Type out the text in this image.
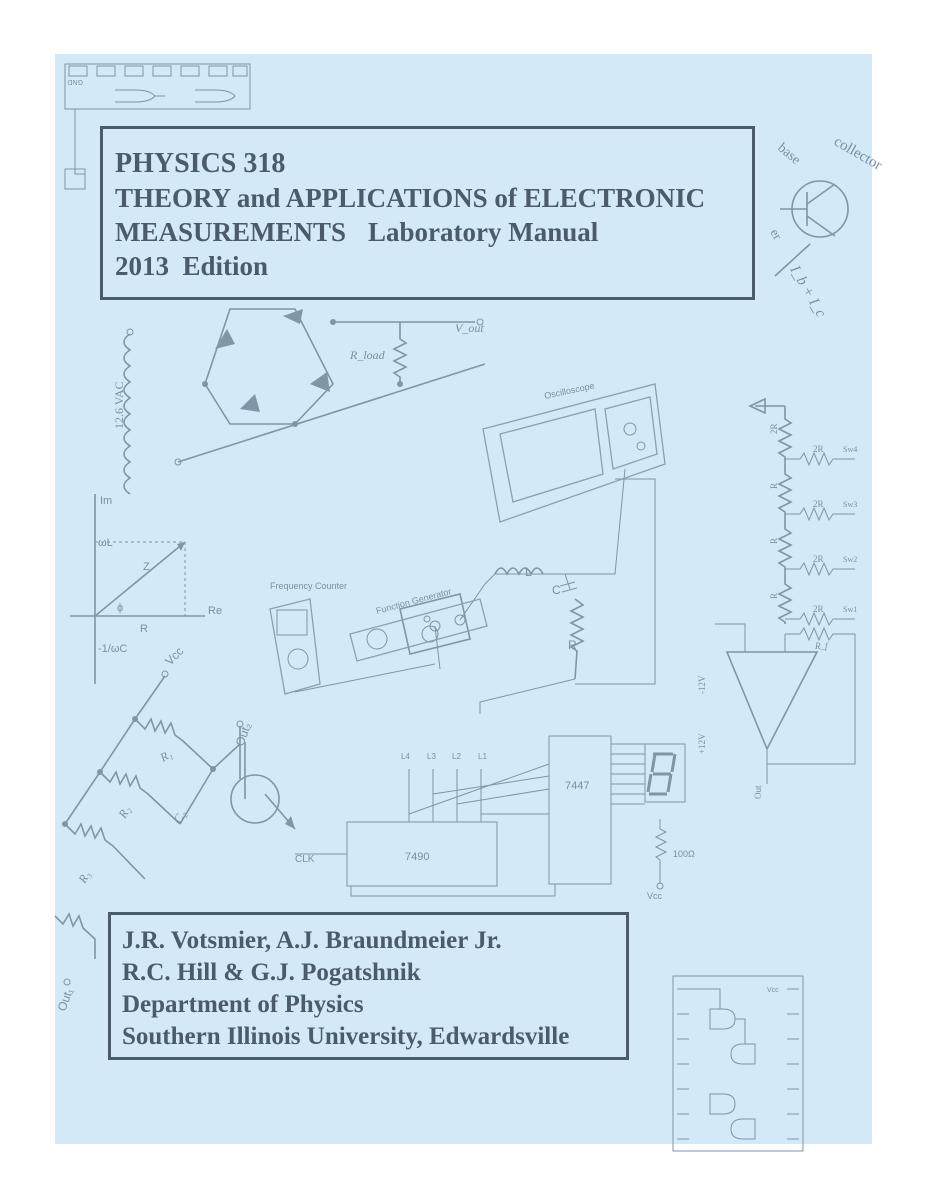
GND
12.6 VAC
R_load
V_out
collector
base
er
I_b + I_c
Oscilloscope
Frequency Counter
Function Generator
L
C
R
Im
Re
ωL
Z
ϕ
R
-1/ωC	Vcc
Out₂
R₁
R₂	C₂
R₃
Out₁
CLK	7490
7447
100Ω
Vcc
L4 L3 L2 L1
2R
R
R
R
2R
2R
2R
2R
Sw4
Sw3
Sw2
Sw1
R_f
-12V
+12V
Out
Vcc
PHYSICS 318
THEORY and APPLICATIONS of ELECTRONIC
MEASUREMENTS Laboratory Manual
2013 Edition
J.R. Votsmier, A.J. Braundmeier Jr.
R.C. Hill & G.J. Pogatshnik
Department of Physics
Southern Illinois University, Edwardsville
